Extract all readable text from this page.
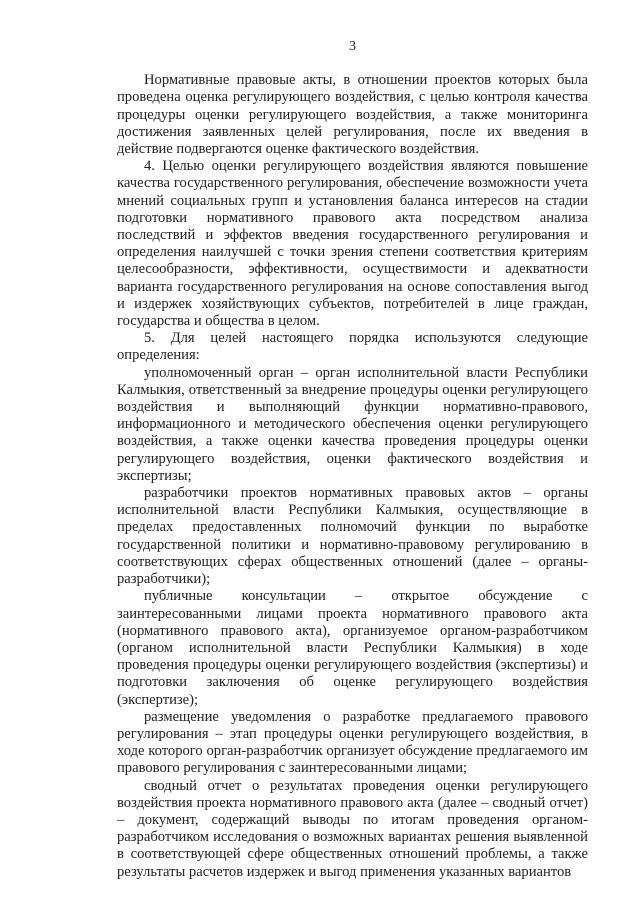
3

Нормативные правовые акты, в отношении проектов которых была проведена оценка регулирующего воздействия, с целью контроля качества процедуры оценки регулирующего воздействия, а также мониторинга достижения заявленных целей регулирования, после их введения в действие подвергаются оценке фактического воздействия.

4. Целью оценки регулирующего воздействия являются повышение качества государственного регулирования, обеспечение возможности учета мнений социальных групп и установления баланса интересов на стадии подготовки нормативного правового акта посредством анализа последствий и эффектов введения государственного регулирования и определения наилучшей с точки зрения степени соответствия критериям целесообразности, эффективности, осуществимости и адекватности варианта государственного регулирования на основе сопоставления выгод и издержек хозяйствующих субъектов, потребителей в лице граждан, государства и общества в целом.

5. Для целей настоящего порядка используются следующие определения:

уполномоченный орган – орган исполнительной власти Республики Калмыкия, ответственный за внедрение процедуры оценки регулирующего воздействия и выполняющий функции нормативно-правового, информационного и методического обеспечения оценки регулирующего воздействия, а также оценки качества проведения процедуры оценки регулирующего воздействия, оценки фактического воздействия и экспертизы;

разработчики проектов нормативных правовых актов – органы исполнительной власти Республики Калмыкия, осуществляющие в пределах предоставленных полномочий функции по выработке государственной политики и нормативно-правовому регулированию в соответствующих сферах общественных отношений (далее – органы-разработчики);

публичные консультации – открытое обсуждение с заинтересованными лицами проекта нормативного правового акта (нормативного правового акта), организуемое органом-разработчиком (органом исполнительной власти Республики Калмыкия) в ходе проведения процедуры оценки регулирующего воздействия (экспертизы) и подготовки заключения об оценке регулирующего воздействия (экспертизе);

размещение уведомления о разработке предлагаемого правового регулирования – этап процедуры оценки регулирующего воздействия, в ходе которого орган-разработчик организует обсуждение предлагаемого им правового регулирования с заинтересованными лицами;

сводный отчет о результатах проведения оценки регулирующего воздействия проекта нормативного правового акта (далее – сводный отчет) – документ, содержащий выводы по итогам проведения органом-разработчиком исследования о возможных вариантах решения выявленной в соответствующей сфере общественных отношений проблемы, а также результаты расчетов издержек и выгод применения указанных вариантов
